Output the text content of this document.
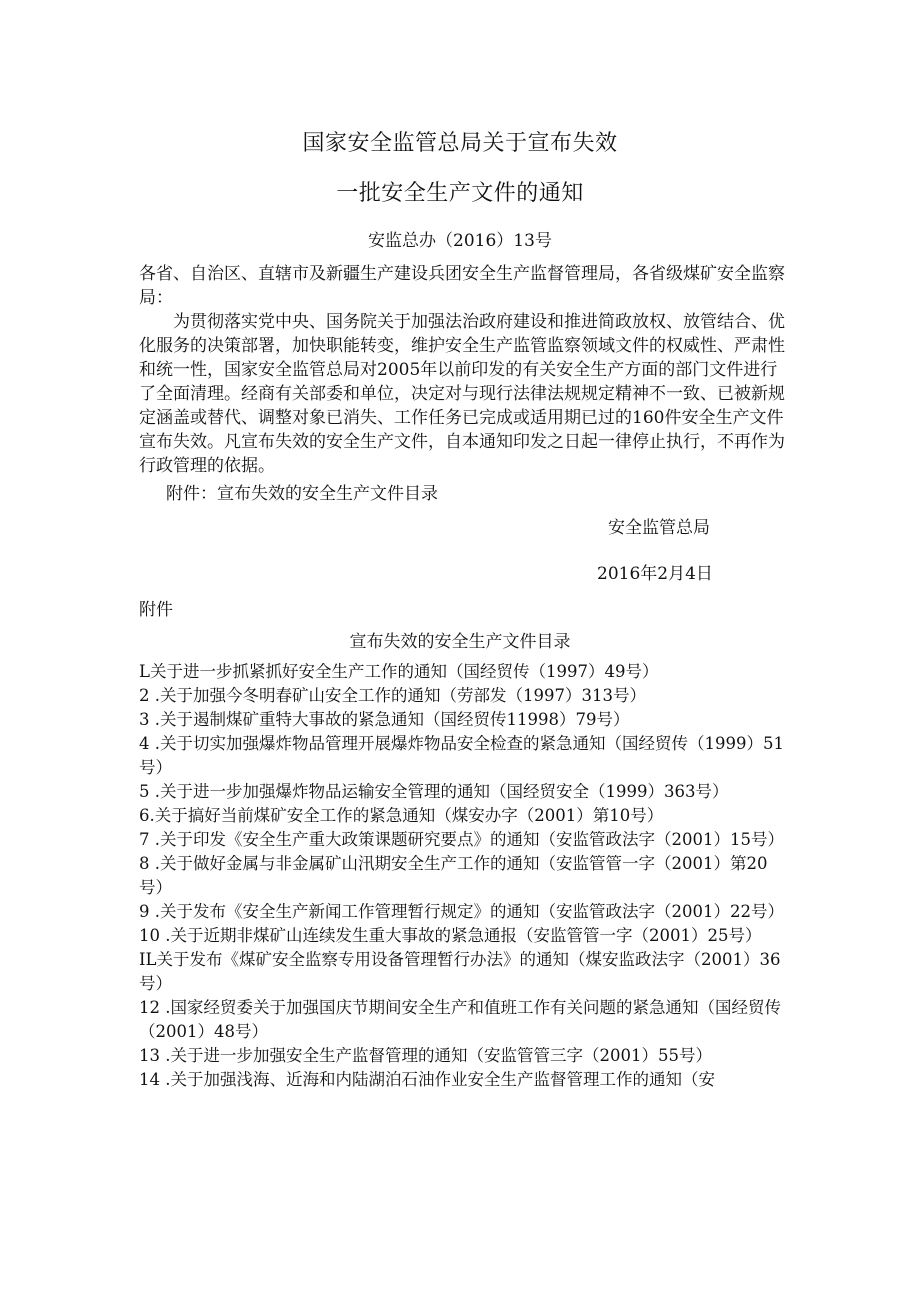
国家安全监管总局关于宣布失效
一批安全生产文件的通知
安监总办（2016）13号

各省、自治区、直辖市及新疆生产建设兵团安全生产监督管理局，各省级煤矿安全监察局：

为贯彻落实党中央、国务院关于加强法治政府建设和推进简政放权、放管结合、优化服务的决策部署，加快职能转变，维护安全生产监管监察领域文件的权威性、严肃性和统一性，国家安全监管总局对2005年以前印发的有关安全生产方面的部门文件进行了全面清理。经商有关部委和单位，决定对与现行法律法规规定精神不一致、已被新规定涵盖或替代、调整对象已消失、工作任务已完成或适用期已过的160件安全生产文件宣布失效。凡宣布失效的安全生产文件，自本通知印发之日起一律停止执行，不再作为行政管理的依据。

附件：宣布失效的安全生产文件目录
安全监管总局
2016年2月4日
附件
宣布失效的安全生产文件目录
L关于进一步抓紧抓好安全生产工作的通知（国经贸传（1997）49号）
2 .关于加强今冬明春矿山安全工作的通知（劳部发（1997）313号）
3 .关于遏制煤矿重特大事故的紧急通知（国经贸传11998）79号）
4 .关于切实加强爆炸物品管理开展爆炸物品安全检查的紧急通知（国经贸传（1999）51号）
5 .关于进一步加强爆炸物品运输安全管理的通知（国经贸安全（1999）363号）
6.关于搞好当前煤矿安全工作的紧急通知（煤安办字（2001）第10号）
7 .关于印发《安全生产重大政策课题研究要点》的通知（安监管政法字（2001）15号）
8 .关于做好金属与非金属矿山汛期安全生产工作的通知（安监管管一字（2001）第20号）
9 .关于发布《安全生产新闻工作管理暂行规定》的通知（安监管政法字（2001）22号）
10 .关于近期非煤矿山连续发生重大事故的紧急通报（安监管管一字（2001）25号）
IL关于发布《煤矿安全监察专用设备管理暂行办法》的通知（煤安监政法字（2001）36号）
12 .国家经贸委关于加强国庆节期间安全生产和值班工作有关问题的紧急通知（国经贸传（2001）48号）
13 .关于进一步加强安全生产监督管理的通知（安监管管三字（2001）55号）
14 .关于加强浅海、近海和内陆湖泊石油作业安全生产监督管理工作的通知（安
